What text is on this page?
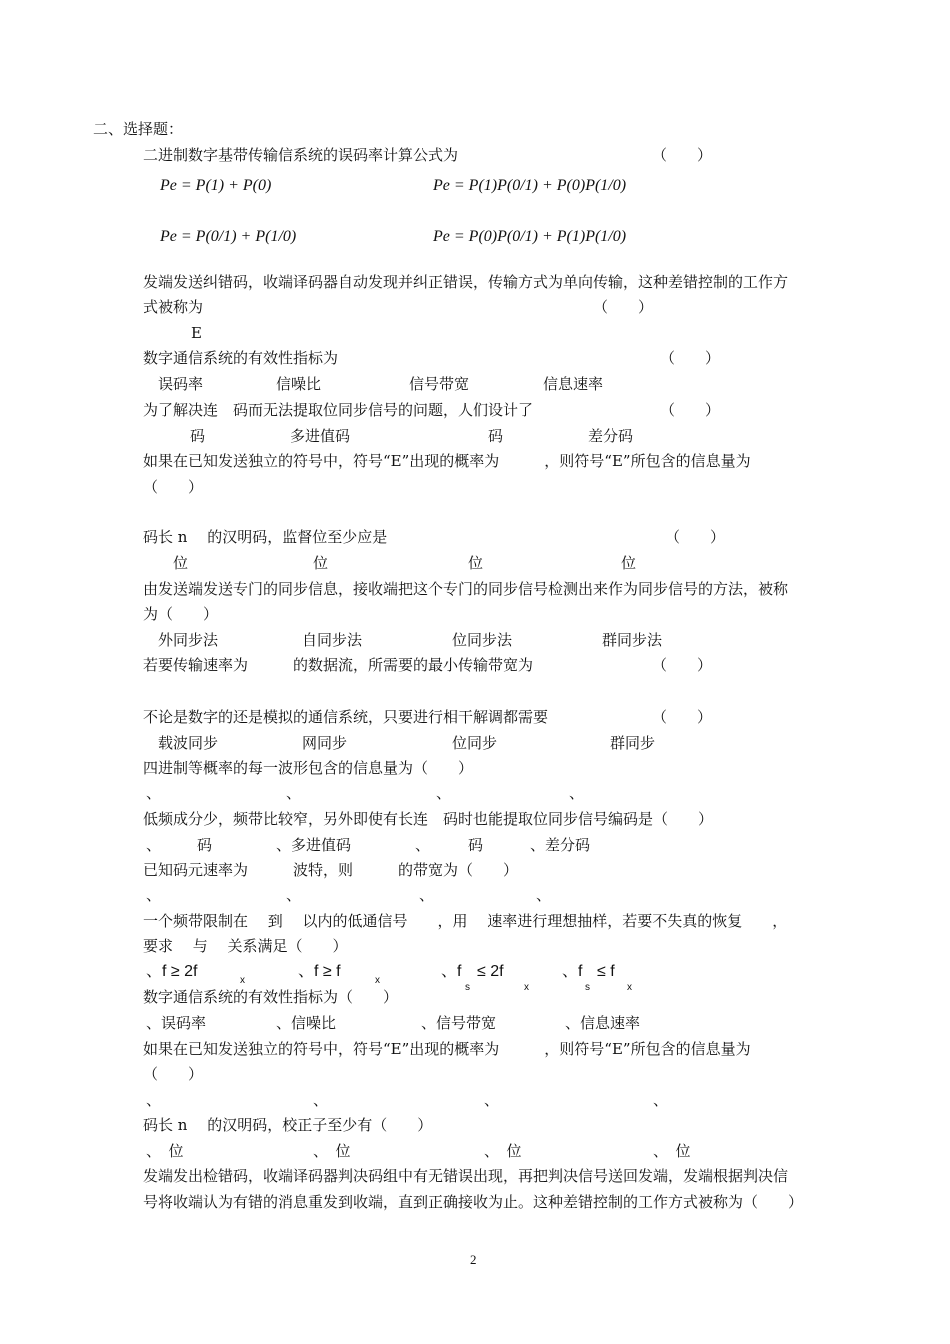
二、选择题：
二进制数字基带传输信系统的误码率计算公式为	（　　）
Pe = P(1) + P(0)	Pe = P(1)P(0/1) + P(0)P(1/0)
Pe = P(0/1) + P(1/0)	Pe = P(0)P(0/1) + P(1)P(1/0)
发端发送纠错码，收端译码器自动发现并纠正错误，传输方式为单向传输，这种差错控制的工作方
式被称为	（　　）
E
数字通信系统的有效性指标为	（　　）
误码率	信噪比	信号带宽	信息速率
为了解决连　码而无法提取位同步信号的问题，人们设计了	（　　）
码	多进值码	码	差分码
如果在已知发送独立的符号中，符号“E”出现的概率为　　　，则符号“E”所包含的信息量为
（　　）
码长 n　 的汉明码，监督位至少应是	（　　）
位	位	位	位
由发送端发送专门的同步信息，接收端把这个专门的同步信号检测出来作为同步信号的方法，被称
为（　　）
外同步法	自同步法	位同步法	群同步法
若要传输速率为　　　的数据流，所需要的最小传输带宽为	（　　）
不论是数字的还是模拟的通信系统，只要进行相干解调都需要	（　　）
载波同步	网同步	位同步	群同步
四进制等概率的每一波形包含的信息量为（　　）
、	、	、	、
低频成分少，频带比较窄，另外即使有长连　码时也能提取位同步信号编码是（　　）
、 码	、多进值码	、	码	、差分码
已知码元速率为　　　波特，则　　　的带宽为（　　）
、	、	、	、
一个频带限制在　 到　 以内的低通信号　　，用　 速率进行理想抽样，若要不失真的恢复　　，
要求　 与　 关系满足（　　）
、f ≥ 2f
x
、f ≥ f
x
、f
s
≤ 2f
x
、f
s
≤ f
x
数字通信系统的有效性指标为（　　）
、误码率	、信噪比	、信号带宽	、信息速率
如果在已知发送独立的符号中，符号“E”出现的概率为　　　，则符号“E”所包含的信息量为
（　　）
、	、	、	、
码长 n　 的汉明码，校正子至少有（　　）
、　位	、　位	、　位	、　位
发端发出检错码，收端译码器判决码组中有无错误出现，再把判决信号送回发端，发端根据判决信
号将收端认为有错的消息重发到收端，直到正确接收为止。这种差错控制的工作方式被称为（　　）
2
